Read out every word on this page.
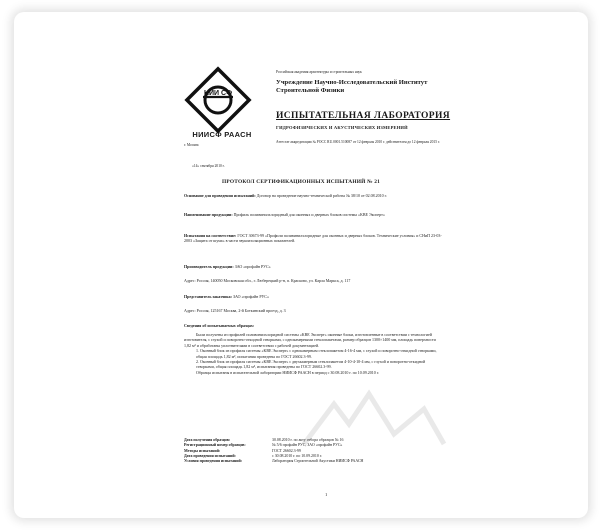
НИИ СФ
НИИСФ РААСН
Российская академия архитектуры и строительных наук
Учреждение Научно-Исследовательский Институт Строительной Физики
ИСПЫТАТЕЛЬНАЯ ЛАБОРАТОРИЯ
ГИДРОФИЗИЧЕСКИХ И АКУСТИЧЕСКИХ ИЗМЕРЕНИЙ
Аттестат аккредитации № РОСС RU.0001.510087 от 12 февраля 2010 г. действителен до 12 февраля 2015 г.
г. Москва
«14» сентября 2010 г.
ПРОТОКОЛ СЕРТИФИКАЦИОННЫХ ИСПЫТАНИЙ № 21
Основание для проведения испытаний: Договор на проведение научно-технической работы № 38/10 от 02.08.2010 г.
Наименование продукции: Профиль поливинилхлоридный для оконных и дверных блоков системы «KBE Эксперт»
Испытания на соответствие: ГОСТ 30673-99 «Профили поливинилхлоридные для оконных и дверных блоков. Технические условия» и СНиП 23-03-2003 «Защита от шума» в части звукоизоляционных показателей.
Производитель продукции: ЗАО «профайн РУС»
Адрес: Россия, 140050 Московская обл., г. Люберецкий р-н, п. Красково, ул. Карла Маркса, д. 117
Представитель заказчика: ЗАО «профайн РУС»
Адрес: Россия, 125167 Москва, 2-й Боткинский проезд, д. 3
Сведения об испытываемых образцах:
Были получены из профилей поливинилхлоридной системы «KBE Эксперт» оконные блоки, изготовленные в соответствии с технологией изготовителя, с глухой и поворотно-откидной створками, с однокамерными стеклопакетами, размер образцов 1300×1400 мм, площадь поверхности 1,82 м² и обработаны уплотнителями в соответствии с рабочей документацией.
1. Оконный блок из профиля системы «KBE Эксперт» с однокамерным стеклопакетом 4-16-4 мм, с глухой и поворотно-откидной створками, общая площадь 1,82 м², испытания проведены по ГОСТ 26602.3-99.
2. Оконный блок из профиля системы «KBE Эксперт» с двухкамерным стеклопакетом 4-10-4-10-4 мм, с глухой и поворотно-откидной створками, общая площадь 1,82 м², испытания проведены по ГОСТ 26602.3-99.
Образцы испытаны в испытательной лаборатории НИИСФ РААСН в период с 30.08.2010 г. по 10.09.2010 г.
Дата получения образцов:	30.08.2010 г. по акту отбора образцов № 16
Регистрационный номер образцов:	№ 5/6 профайн РУС, ЗАО «профайн РУС»
Методы испытаний:	ГОСТ 26602.3-99
Дата проведения испытаний:	с 30.08.2010 г. по 10.09.2010 г.
Условия проведения испытаний:	Лаборатория Строительной Акустики НИИСФ РААСН
1
